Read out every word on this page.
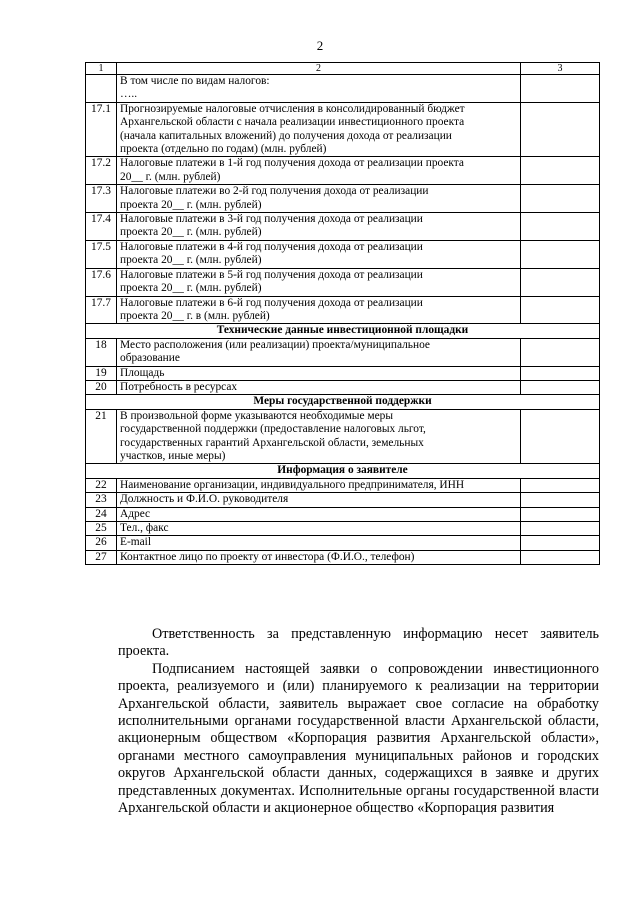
2
1	2	3

	В том числе по видам налогов:
…..	

17.1	Прогнозируемые налоговые отчисления в консолидированный бюджет
Архангельской области с начала реализации инвестиционного проекта
(начала капитальных вложений) до получения дохода от реализации
проекта (отдельно по годам) (млн. рублей)	

17.2	Налоговые платежи в 1-й год получения дохода от реализации проекта
20__ г. (млн. рублей)	

17.3	Налоговые платежи во 2-й год получения дохода от реализации
проекта 20__ г. (млн. рублей)	

17.4	Налоговые платежи в 3-й год получения дохода от реализации
проекта 20__ г. (млн. рублей)	

17.5	Налоговые платежи в 4-й год получения дохода от реализации
проекта 20__ г. (млн. рублей)	

17.6	Налоговые платежи в 5-й год получения дохода от реализации
проекта 20__ г. (млн. рублей)	

17.7	Налоговые платежи в 6-й год получения дохода от реализации
проекта 20__ г. в (млн. рублей)	

Технические данные инвестиционной площадки		
18	Место расположения (или реализации) проекта/муниципальное
образование	

19	Площадь	

20	Потребность в ресурсах	

Меры государственной поддержки		
21	В произвольной форме указываются необходимые меры
государственной поддержки (предоставление налоговых льгот,
государственных гарантий Архангельской области, земельных
участков, иные меры)	

Информация о заявителе		
22	Наименование организации, индивидуального предпринимателя, ИНН	

23	Должность и Ф.И.О. руководителя	

24	Адрес	

25	Тел., факс	

26	E-mail	

27	Контактное лицо по проекту от инвестора (Ф.И.О., телефон)	

Ответственность за представленную информацию несет заявитель проекта.

Подписанием настоящей заявки о сопровождении инвестиционного проекта, реализуемого и (или) планируемого к реализации на территории Архангельской области, заявитель выражает свое согласие на обработку исполнительными органами государственной власти Архангельской области, акционерным обществом «Корпорация развития Архангельской области», органами местного самоуправления муниципальных районов и городских округов Архангельской области данных, содержащихся в заявке и других представленных документах. Исполнительные органы государственной власти Архангельской области и акционерное общество «Корпорация развития
